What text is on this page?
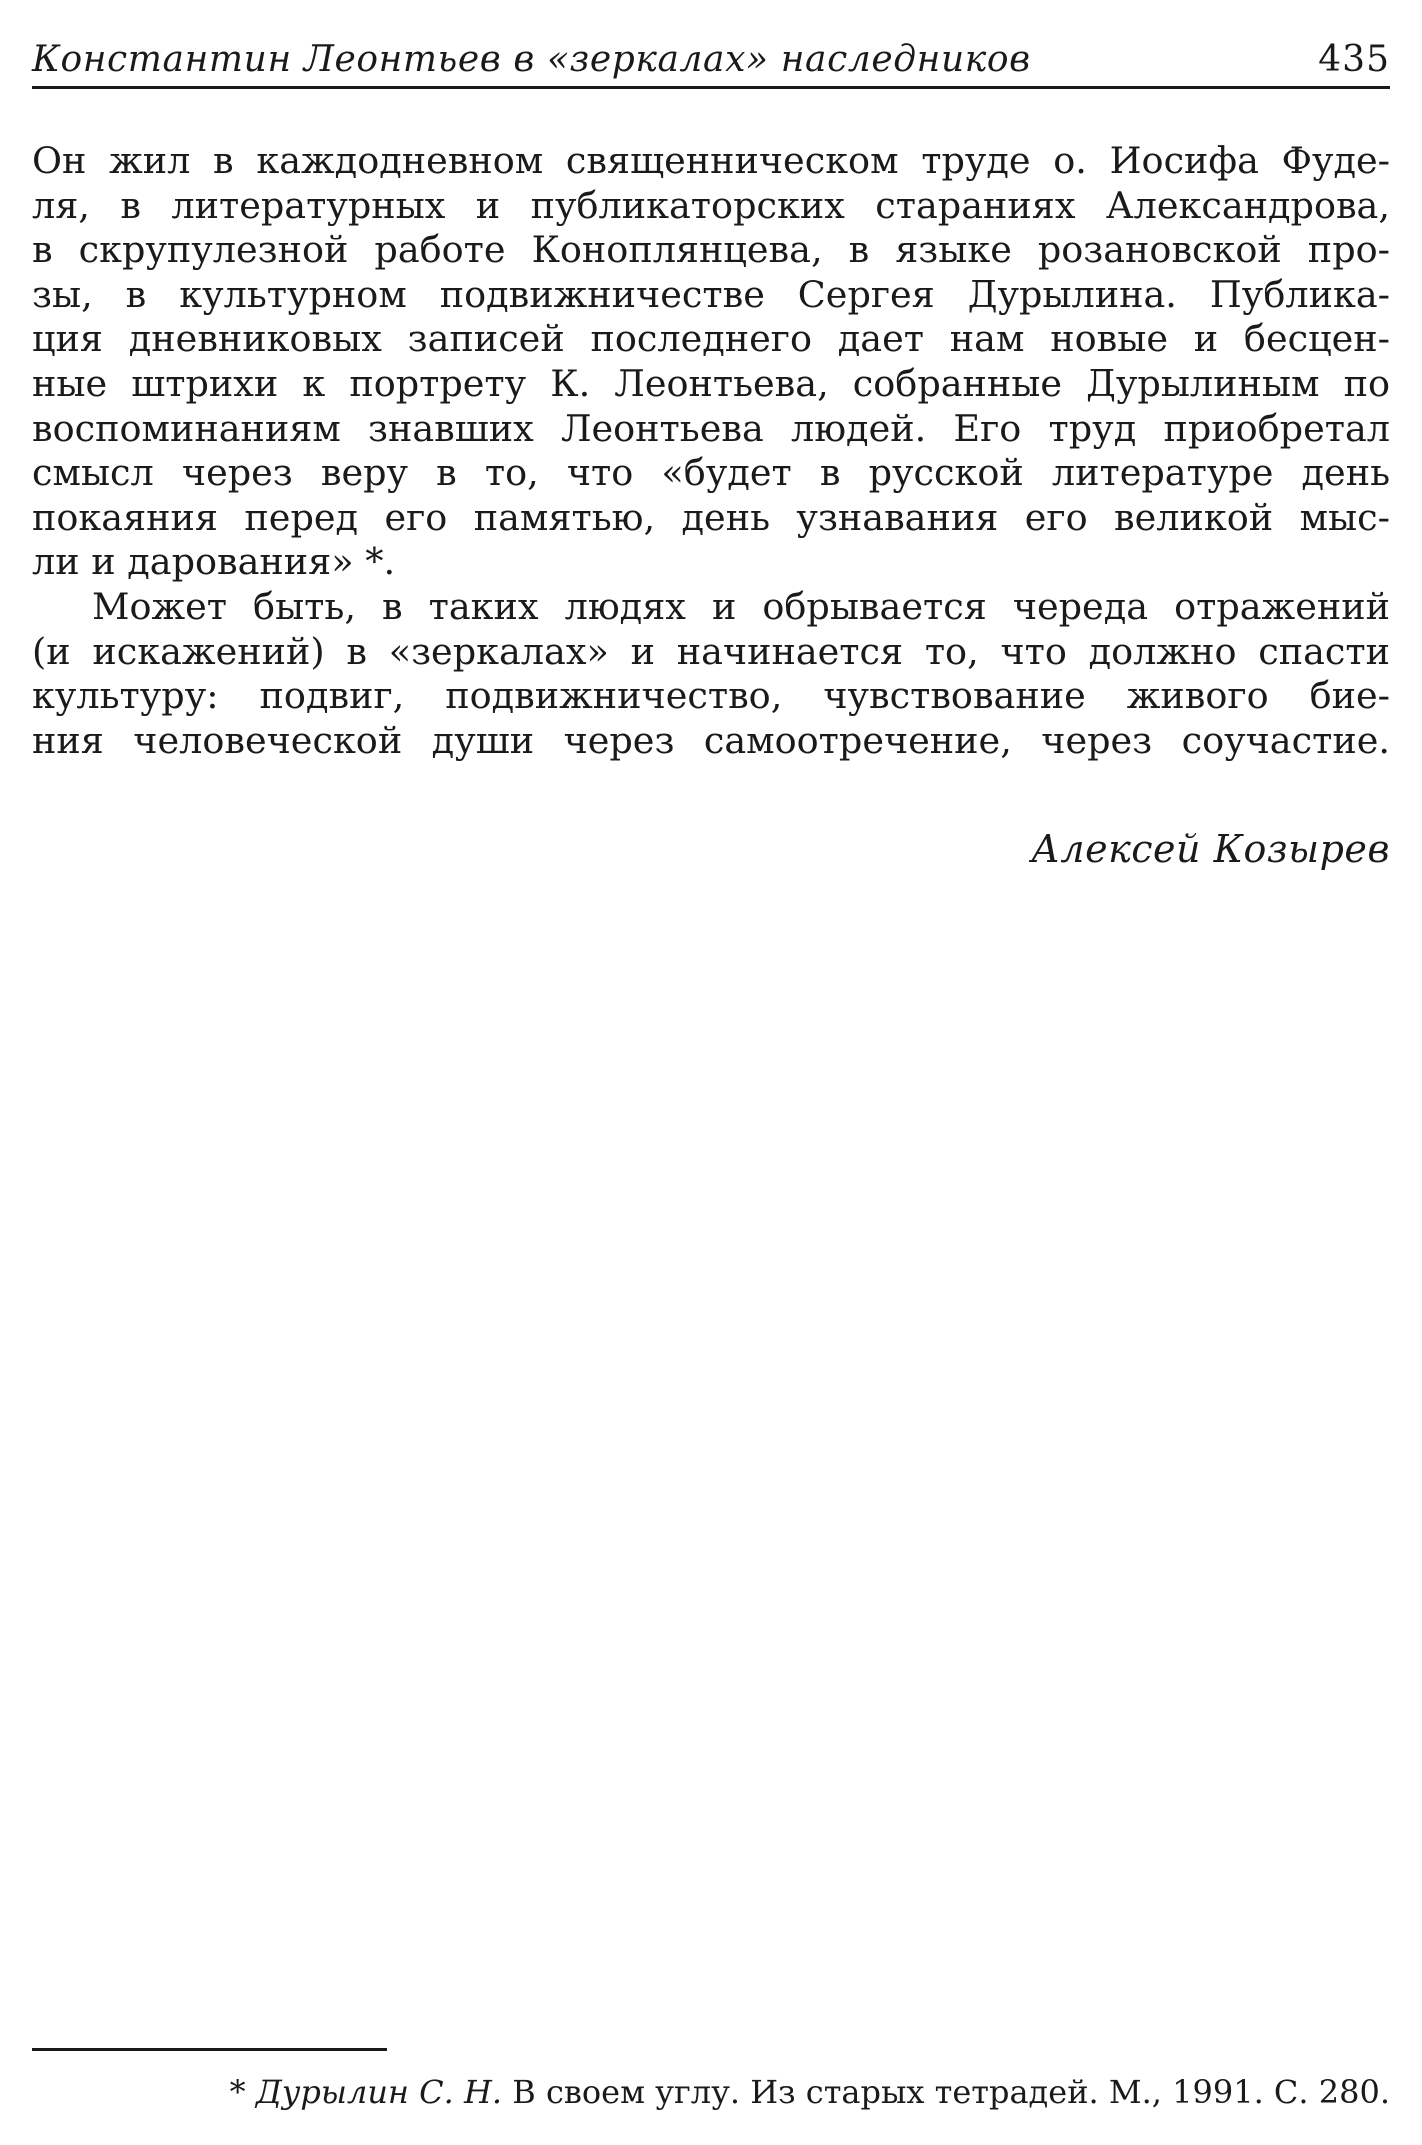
Константин Леонтьев в «зеркалах» наследников	435
Он жил в каждодневном священническом труде о. Иосифа Фуде-
ля, в литературных и публикаторских стараниях Александрова,
в скрупулезной работе Коноплянцева, в языке розановской про-
зы, в культурном подвижничестве Сергея Дурылина. Публика-
ция дневниковых записей последнего дает нам новые и бесцен-
ные штрихи к портрету К. Леонтьева, собранные Дурылиным по
воспоминаниям знавших Леонтьева людей. Его труд приобретал
смысл через веру в то, что «будет в русской литературе день
покаяния перед его памятью, день узнавания его великой мыс-
ли и дарования» *.
Может быть, в таких людях и обрывается череда отражений
(и искажений) в «зеркалах» и начинается то, что должно спасти
культуру: подвиг, подвижничество, чувствование живого бие-
ния человеческой души через самоотречение, через соучастие.
Алексей Козырев
* Дурылин С. Н. В своем углу. Из старых тетрадей. М., 1991. С. 280.
